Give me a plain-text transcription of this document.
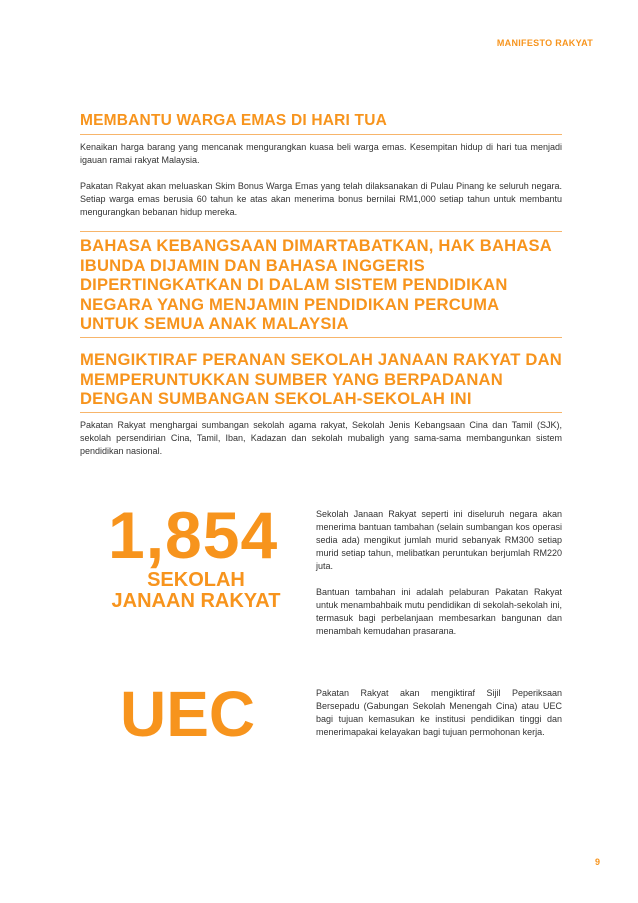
MANIFESTO RAKYAT
MEMBANTU WARGA EMAS DI HARI TUA

Kenaikan harga barang yang mencanak mengurangkan kuasa beli warga emas. Kesempitan hidup di hari tua menjadi igauan ramai rakyat Malaysia.

Pakatan Rakyat akan meluaskan Skim Bonus Warga Emas yang telah dilaksanakan di Pulau Pinang ke seluruh negara. Setiap warga emas berusia 60 tahun ke atas akan menerima bonus bernilai RM1,000 setiap tahun untuk membantu mengurangkan bebanan hidup mereka.

BAHASA KEBANGSAAN DIMARTABATKAN, HAK BAHASA IBUNDA DIJAMIN DAN BAHASA INGGERIS DIPERTINGKATKAN DI DALAM SISTEM PENDIDIKAN NEGARA YANG MENJAMIN PENDIDIKAN PERCUMA UNTUK SEMUA ANAK MALAYSIA
MENGIKTIRAF PERANAN SEKOLAH JANAAN RAKYAT DAN MEMPERUNTUKKAN SUMBER YANG BERPADANAN DENGAN SUMBANGAN SEKOLAH-SEKOLAH INI

Pakatan Rakyat menghargai sumbangan sekolah agama rakyat, Sekolah Jenis Kebangsaan Cina dan Tamil (SJK), sekolah persendirian Cina, Tamil, Iban, Kadazan dan sekolah mubaligh yang sama-sama membangunkan sistem pendidikan nasional.

1,854
SEKOLAH
JANAAN RAKYAT

Sekolah Janaan Rakyat seperti ini diseluruh negara akan menerima bantuan tambahan (selain sumbangan kos operasi sedia ada) mengikut jumlah murid sebanyak RM300 setiap murid setiap tahun, melibatkan peruntukan berjumlah RM220 juta.

Bantuan tambahan ini adalah pelaburan Pakatan Rakyat untuk menambahbaik mutu pendidikan di sekolah-sekolah ini, termasuk bagi perbelanjaan membesarkan bangunan dan menambah kemudahan prasarana.

UEC	Pakatan Rakyat akan mengiktiraf Sijil Peperiksaan Bersepadu (Gabungan Sekolah Menengah Cina) atau UEC bagi tujuan kemasukan ke institusi pendidikan tinggi dan menerimapakai kelayakan bagi tujuan permohonan kerja.

9
